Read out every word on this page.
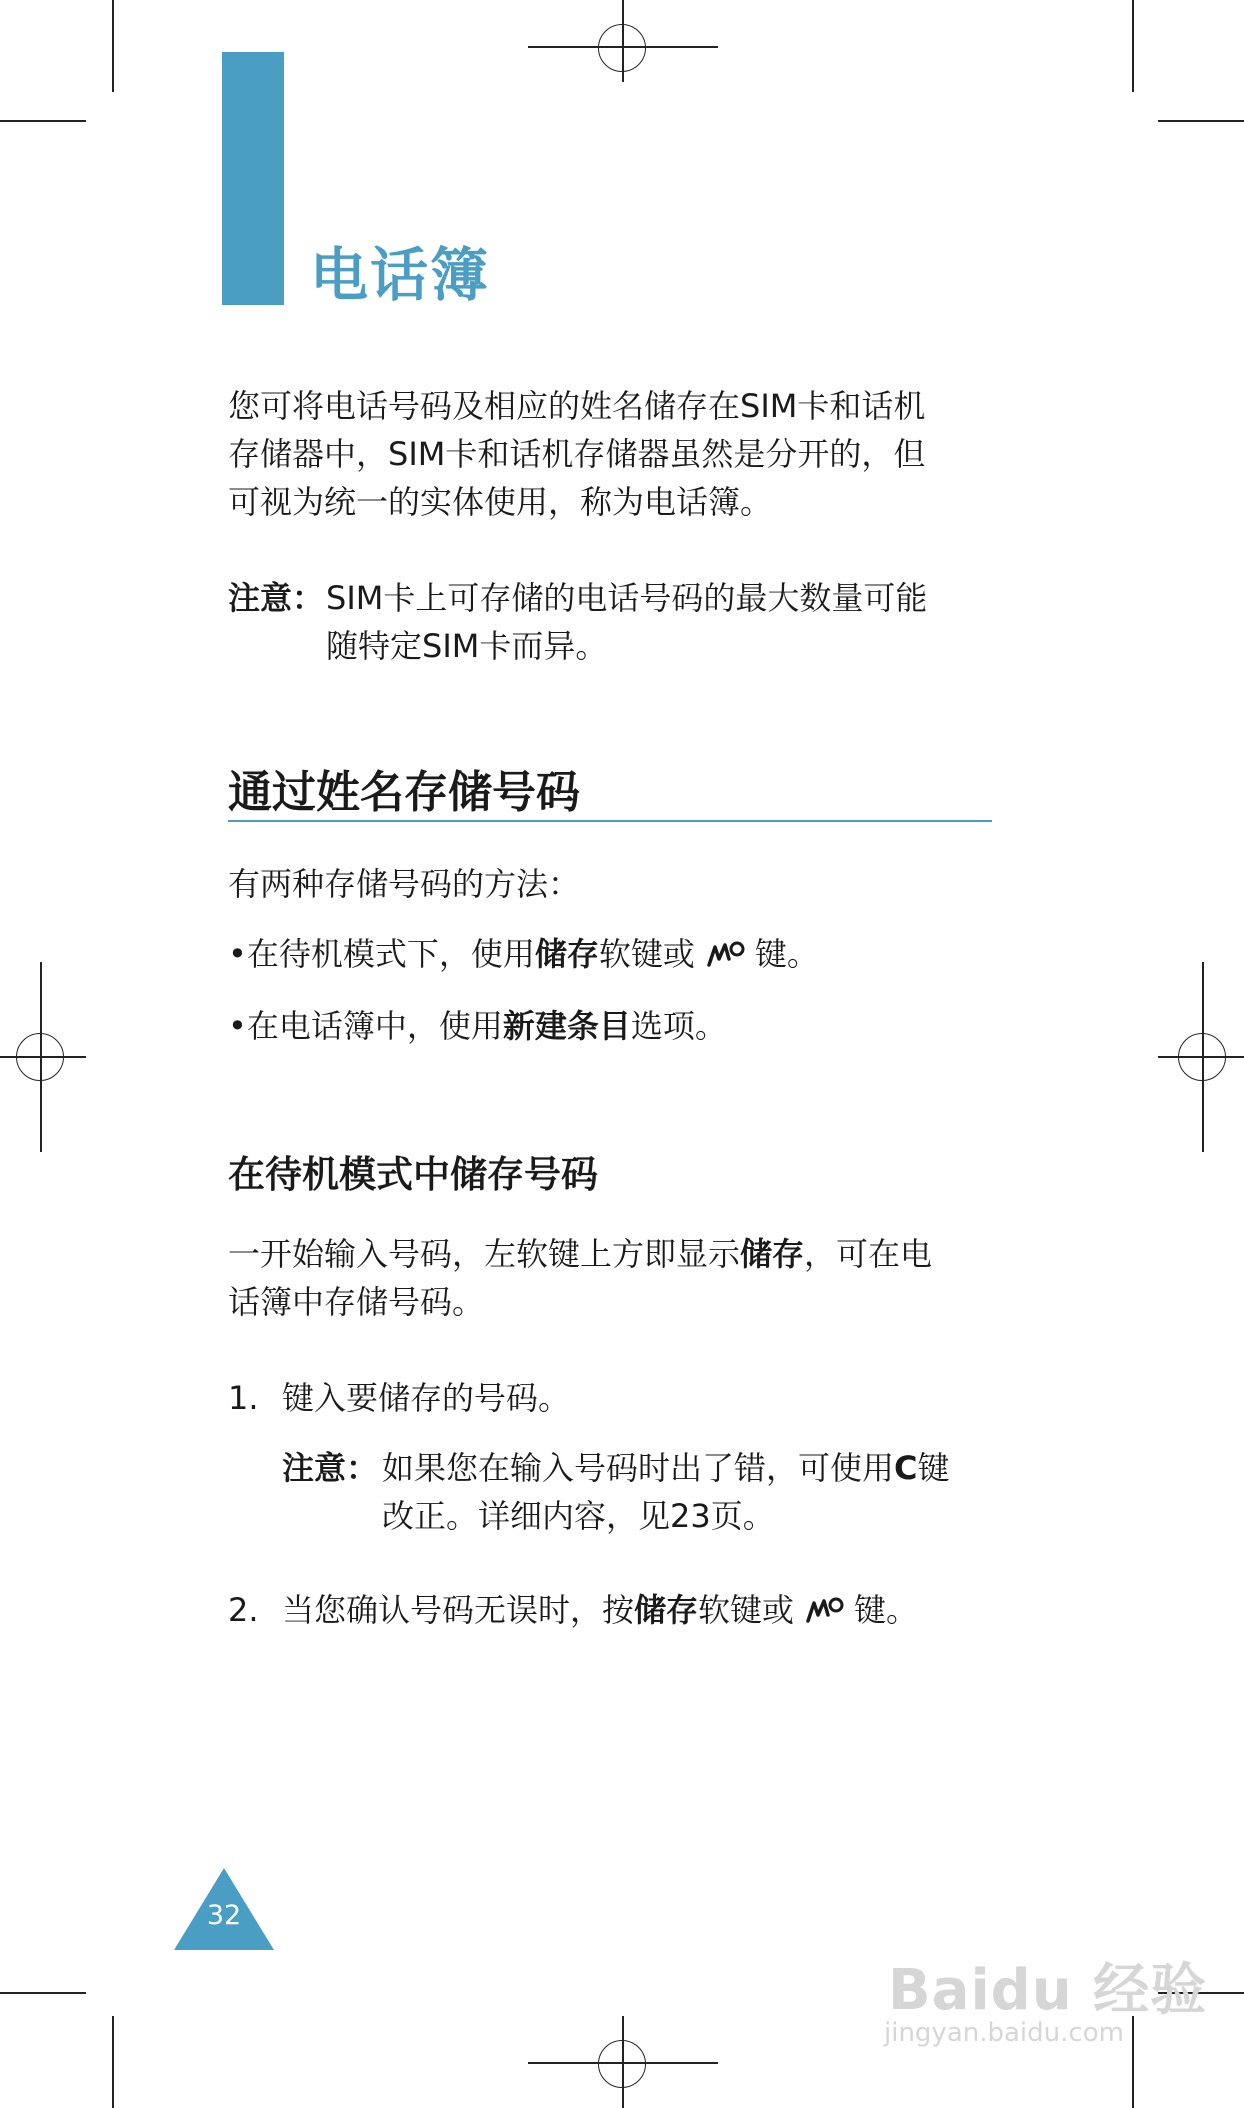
电话簿
您可将电话号码及相应的姓名储存在SIM卡和话机
存储器中，SIM卡和话机存储器虽然是分开的，但
可视为统一的实体使用，称为电话簿。
注意： SIM卡上可存储的电话号码的最大数量可能
随特定SIM卡而异。
通过姓名存储号码
有两种存储号码的方法：
•在待机模式下，使用储存软键或 键。
•在电话簿中，使用新建条目选项。
在待机模式中储存号码
一开始输入号码，左软键上方即显示储存，可在电
话簿中存储号码。
1. 键入要储存的号码。
注意： 如果您在输入号码时出了错，可使用C键
改正。详细内容，见23页。
2. 当您确认号码无误时，按储存软键或 键。
32
Baidu 经验
jingyan.baidu.com
